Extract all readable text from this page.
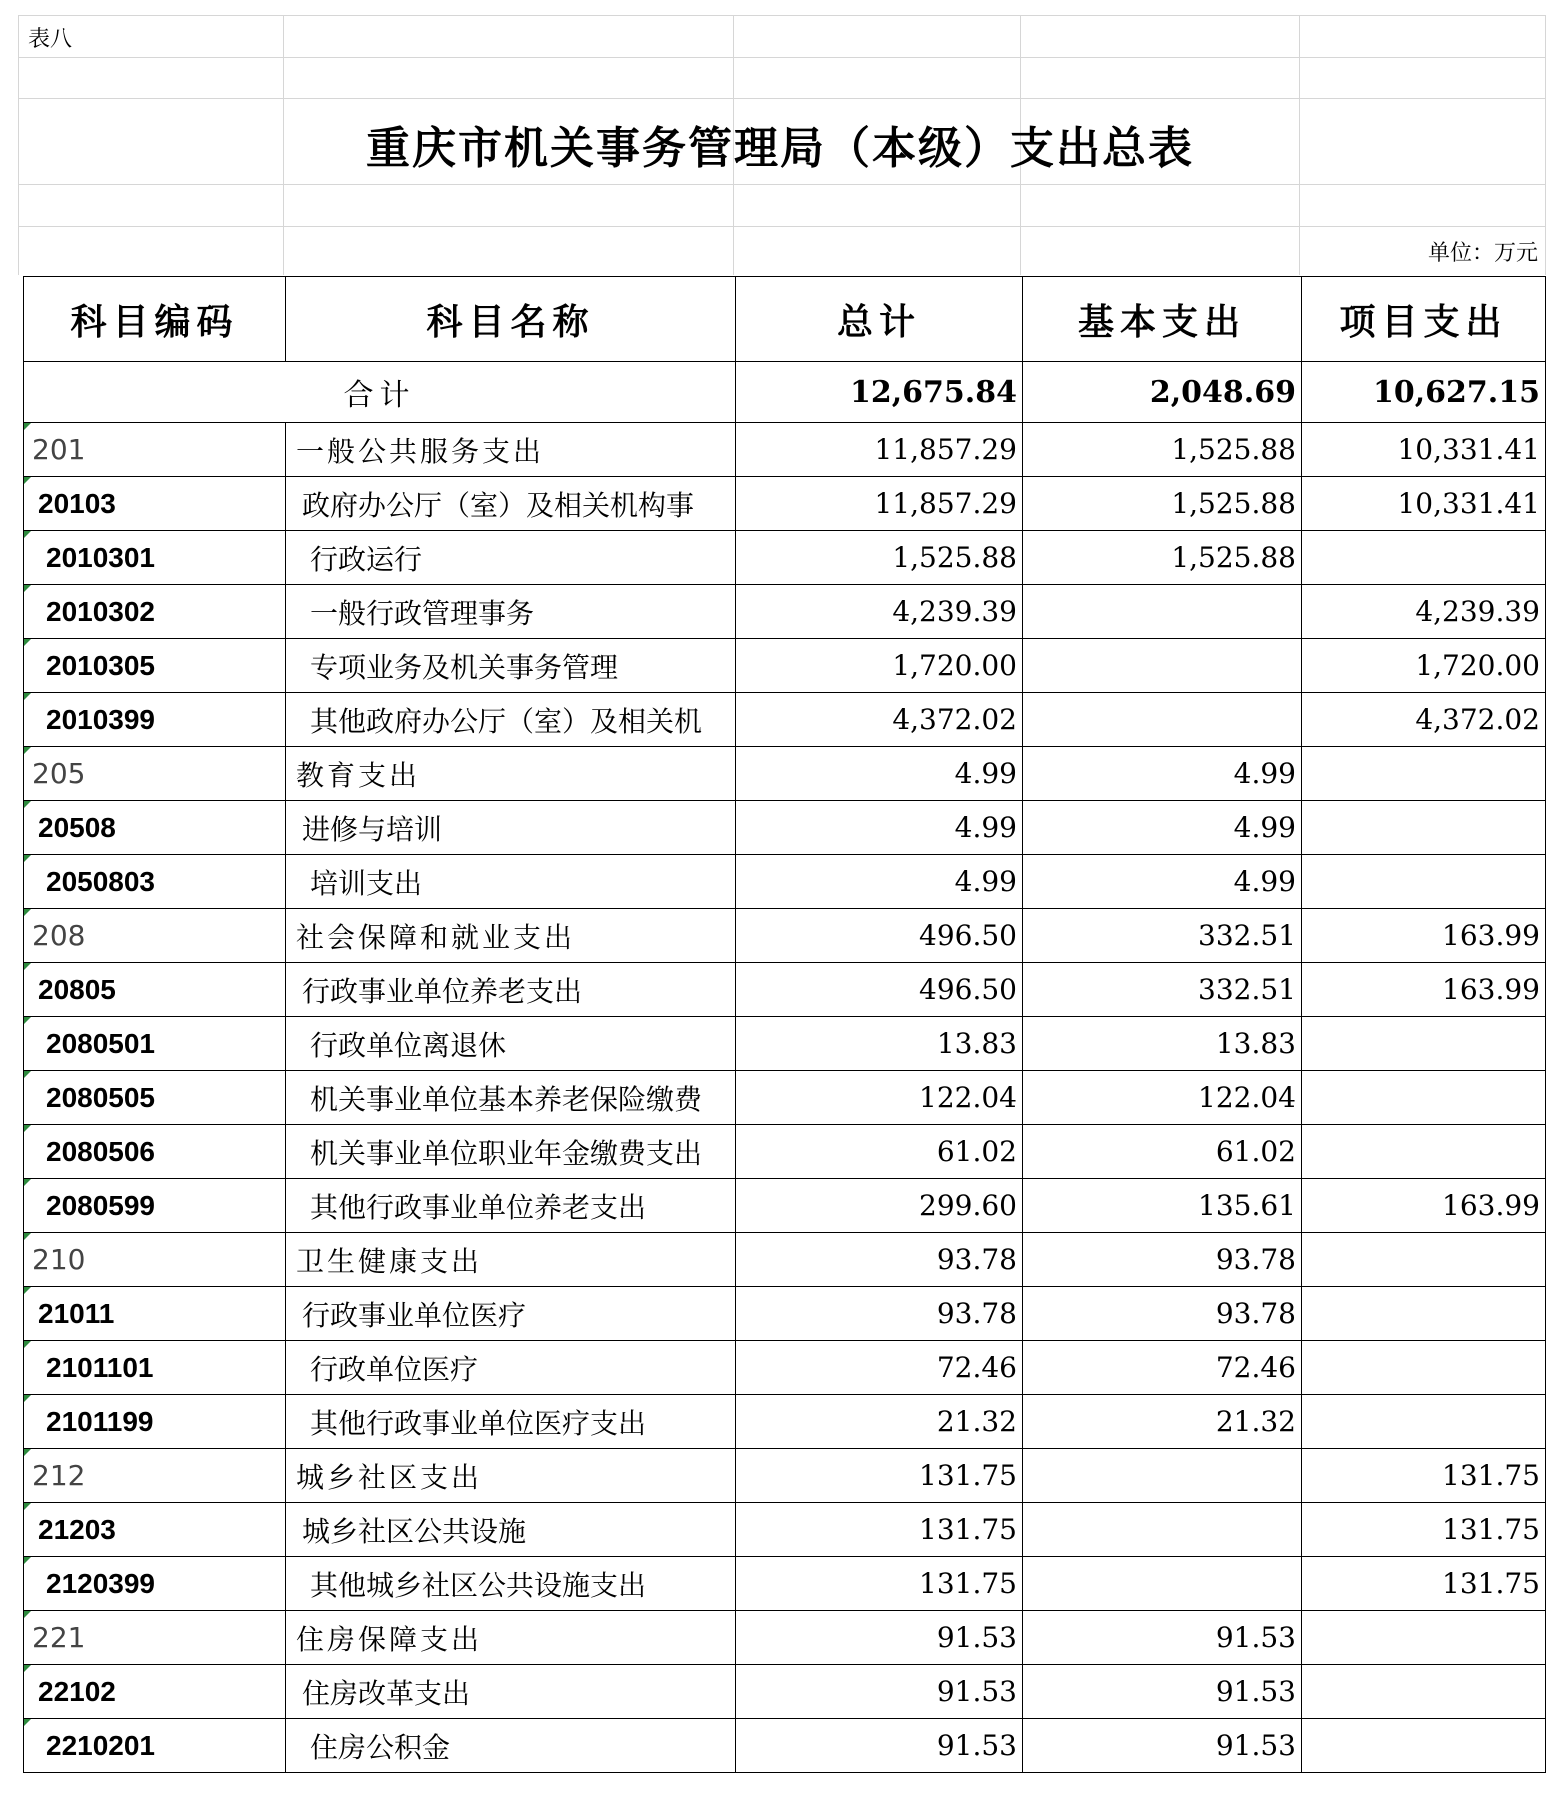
表八
重庆市机关事务管理局（本级）支出总表
单位：万元
科目编码	科目名称	总计	基本支出	项目支出
合计		12,675.84	2,048.69	10,627.15
201	一般公共服务支出	11,857.29	1,525.88	10,331.41
20103	政府办公厅（室）及相关机构事	11,857.29	1,525.88	10,331.41
2010301	行政运行	1,525.88	1,525.88	
2010302	一般行政管理事务	4,239.39		4,239.39
2010305	专项业务及机关事务管理	1,720.00		1,720.00
2010399	其他政府办公厅（室）及相关机	4,372.02		4,372.02
205	教育支出	4.99	4.99	
20508	进修与培训	4.99	4.99	
2050803	培训支出	4.99	4.99	
208	社会保障和就业支出	496.50	332.51	163.99
20805	行政事业单位养老支出	496.50	332.51	163.99
2080501	行政单位离退休	13.83	13.83	
2080505	机关事业单位基本养老保险缴费	122.04	122.04	
2080506	机关事业单位职业年金缴费支出	61.02	61.02	
2080599	其他行政事业单位养老支出	299.60	135.61	163.99
210	卫生健康支出	93.78	93.78	
21011	行政事业单位医疗	93.78	93.78	
2101101	行政单位医疗	72.46	72.46	
2101199	其他行政事业单位医疗支出	21.32	21.32	
212	城乡社区支出	131.75		131.75
21203	城乡社区公共设施	131.75		131.75
2120399	其他城乡社区公共设施支出	131.75		131.75
221	住房保障支出	91.53	91.53	
22102	住房改革支出	91.53	91.53	
2210201	住房公积金	91.53	91.53	
